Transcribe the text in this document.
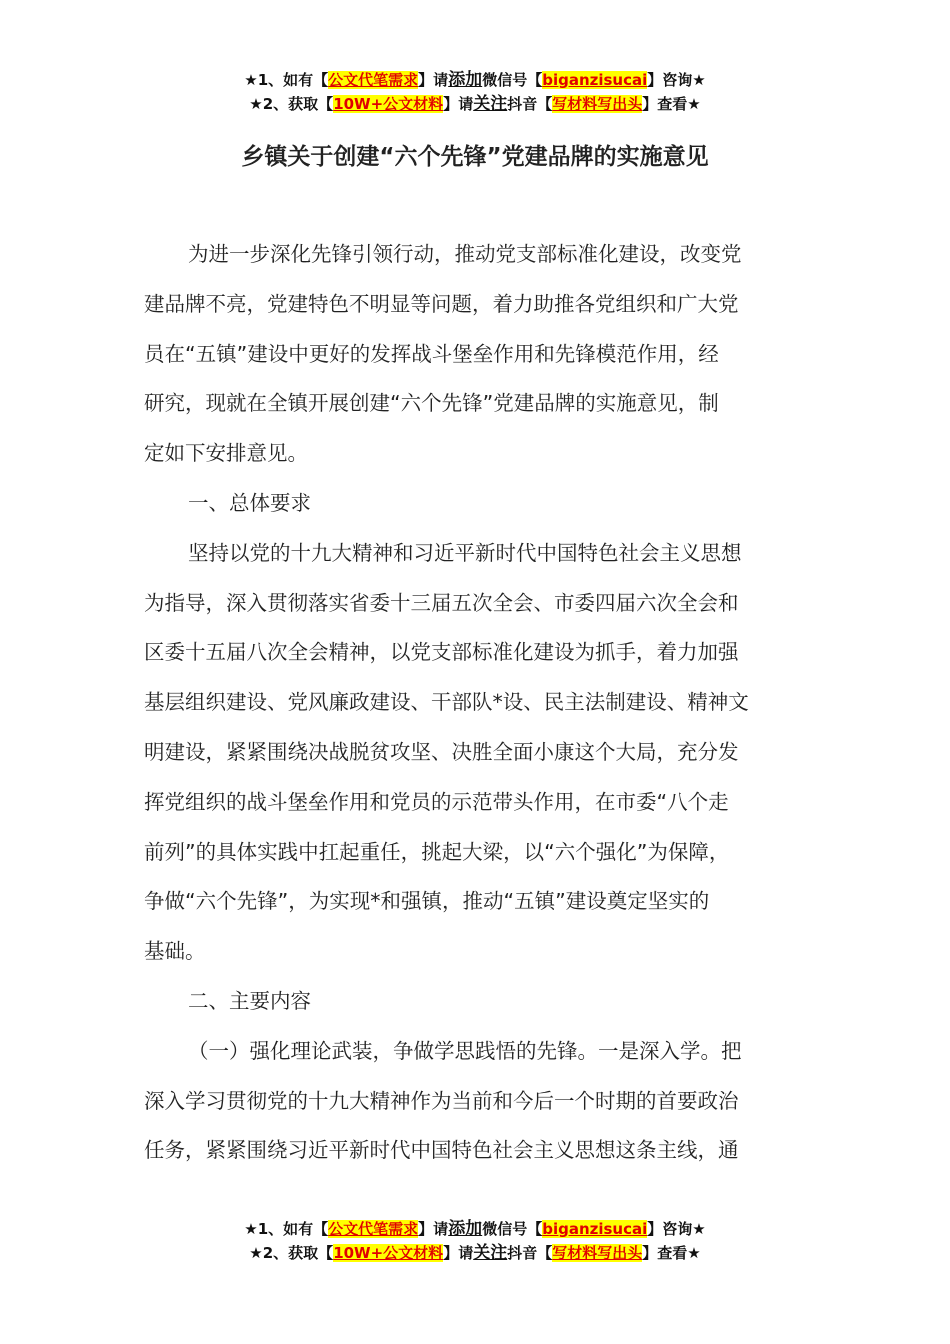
★1、如有【公文代笔需求】请添加微信号【biganzisucai】咨询★
★2、获取【10W+公文材料】请关注抖音【写材料写出头】查看★
乡镇关于创建“六个先锋”党建品牌的实施意见
为进一步深化先锋引领行动，推动党支部标准化建设，改变党
建品牌不亮，党建特色不明显等问题，着力助推各党组织和广大党
员在“五镇”建设中更好的发挥战斗堡垒作用和先锋模范作用，经
研究，现就在全镇开展创建“六个先锋”党建品牌的实施意见，制
定如下安排意见。
一、总体要求
坚持以党的十九大精神和习近平新时代中国特色社会主义思想
为指导，深入贯彻落实省委十三届五次全会、市委四届六次全会和
区委十五届八次全会精神，以党支部标准化建设为抓手，着力加强
基层组织建设、党风廉政建设、干部队*设、民主法制建设、精神文
明建设，紧紧围绕决战脱贫攻坚、决胜全面小康这个大局，充分发
挥党组织的战斗堡垒作用和党员的示范带头作用，在市委“八个走
前列”的具体实践中扛起重任，挑起大梁，以“六个强化”为保障，
争做“六个先锋”，为实现*和强镇，推动“五镇”建设奠定坚实的
基础。
二、主要内容
（一）强化理论武装，争做学思践悟的先锋。一是深入学。把
深入学习贯彻党的十九大精神作为当前和今后一个时期的首要政治
任务，紧紧围绕习近平新时代中国特色社会主义思想这条主线，通
★1、如有【公文代笔需求】请添加微信号【biganzisucai】咨询★
★2、获取【10W+公文材料】请关注抖音【写材料写出头】查看★
